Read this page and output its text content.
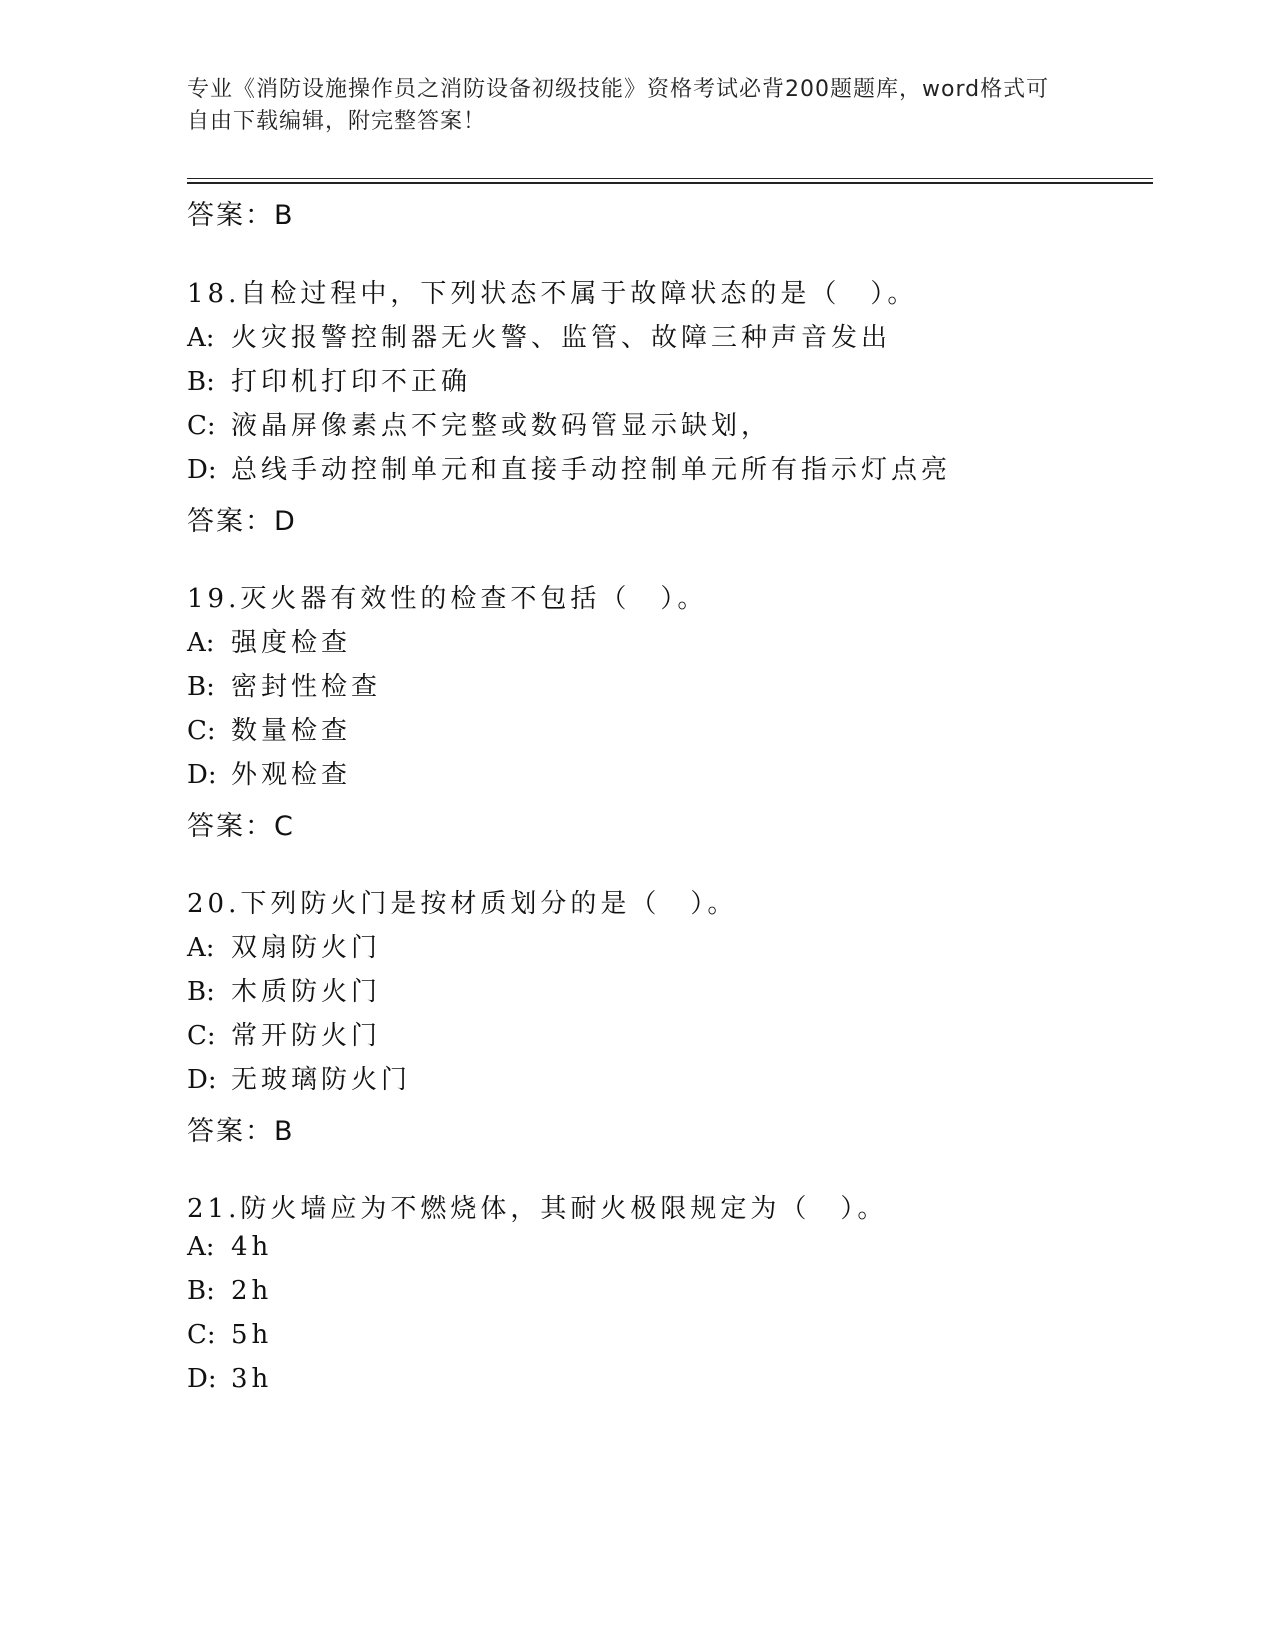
专业《消防设施操作员之消防设备初级技能》资格考试必背200题题库，word格式可自由下载编辑，附完整答案！
答案：B
18.自检过程中，下列状态不属于故障状态的是（　）。
A: 火灾报警控制器无火警、监管、故障三种声音发出
B: 打印机打印不正确
C: 液晶屏像素点不完整或数码管显示缺划，
D: 总线手动控制单元和直接手动控制单元所有指示灯点亮
答案：D
19.灭火器有效性的检查不包括（　）。
A: 强度检查
B: 密封性检查
C: 数量检查
D: 外观检查
答案：C
20.下列防火门是按材质划分的是（　）。
A: 双扇防火门
B: 木质防火门
C: 常开防火门
D: 无玻璃防火门
答案：B
21.防火墙应为不燃烧体，其耐火极限规定为（　）。
A: 4h
B: 2h
C: 5h
D: 3h
